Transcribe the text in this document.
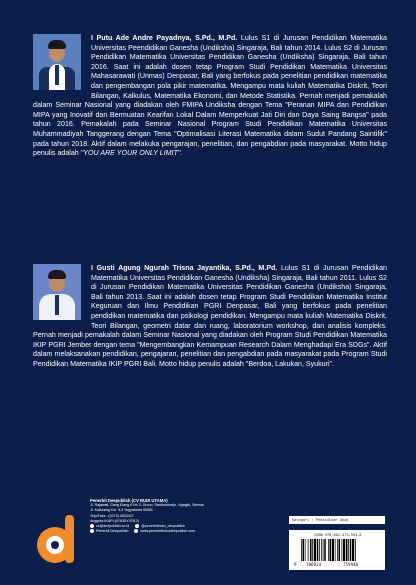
I Putu Ade Andre Payadnya, S.Pd., M.Pd. Lulus S1 di Jurusan Pendidikan Matematika Universitas Peendidikan Ganesha (Undiksha) Singaraja, Bali tahun 2014. Lulus S2 di Jurusan Pendidikan Matematika Universitas Pendidikan Ganesha (Undiksha) Singaraja, Bali tahun 2016. Saat ini adalah dosen tetap Program Studi Pendidikan Matematika Universitas Mahasarawati (Unmas) Denpasar, Bali yang berfokus pada penelitian pendidikan matematika dan pengembangan pola pikir matematika. Mengampu mata kuliah Matematika Diskrit, Teori Bilangan, Kalkulus, Matematika Ekonomi, dan Metode Statistika. Pernah menjadi pemakalah dalam Seminar Nasional yang diadakan oleh FMIPA Undiksha dengan Tema "Peranan MIPA dan Pendidikan MIPA yang Inovatif dan Bermuatan Kearifan Lokal Dalam Memperkuat Jati Diri dan Daya Saing Bangsa" pada tahun 2016. Pemakalah pada Seminar Nasional Program Studi Pendidikan Matematika Universitas Muhammadiyah Tanggerang dengan Tema "Optimalisasi Literasi Matematika dalam Sudut Pandang Saintifik" pada tahun 2018. Aktif dalam melakuka pengarajan, penelitian, dan pengabdian pada masyarakat. Motto hidup penulis adalah "YOU ARE YOUR ONLY LIMIT".
I Gusti Agung Ngurah Trisna Jayantika, S.Pd., M.Pd. Lulus S1 di Jurusan Pendidikan Matematika Universitas Pendidikan Ganesha (Undiksha) Singaraja, Bali tahun 2011. Lulus S2 di Jurusan Pendidikan Matematika Universitas Pendidikan Ganesha (Undiksha) Singaraja, Bali tahun 2013. Saat ini adalah dosen tetap Program Studi Pendidikan Matematika Institut Keguruan dan Ilmu Pendidikan PGRI Denpasar, Bali yang berfokus pada penelitian pendidikan matematika dan psikologi pendidikan. Mengampu mata kuliah Matematika Diskrit, Teori Bilangan, geometri datar dan ruang, laboratorium workshop, dan analisis kompleks. Pernah menjadi pemakalah dalam Seminar Nasional yang diadakan oleh Program Studi Pendidikan Matematika IKIP PGRI Jember dengan tema "Mengembangkan Kemampuan Research Dalam Menghadapi Era SDGs". Aktif dalam melaksanakan pendidikan, pengajaran, penelitian dan pengabdian pada masyarakat pada Program Studi Pendidikan Matematika IKIP PGRI Bali. Motto hidup penulis adalah "Berdoa, Lakukan, Syukuri".
Penerbit Deepublish (CV BUDI UTAMA)
Jl. Rajawali, Gang Elang 6 No 3, Drono, Sardonoharjo, Ngaglik, Sleman
Jl. Kaliurang Km. 9,3 Yogyakarta 55581
Telp/Faks : (0274) 4533427
Anggota IKAPI (076/DIY/2012)
cs@deepublish.co.id	@penerbitbuku_deepublish
Penerbit Deepublish	www.penerbitbukudeepublish.com
Kategori : Pendidikan Umum
ISBN 978-602-475-994-0
9 786024	759940
